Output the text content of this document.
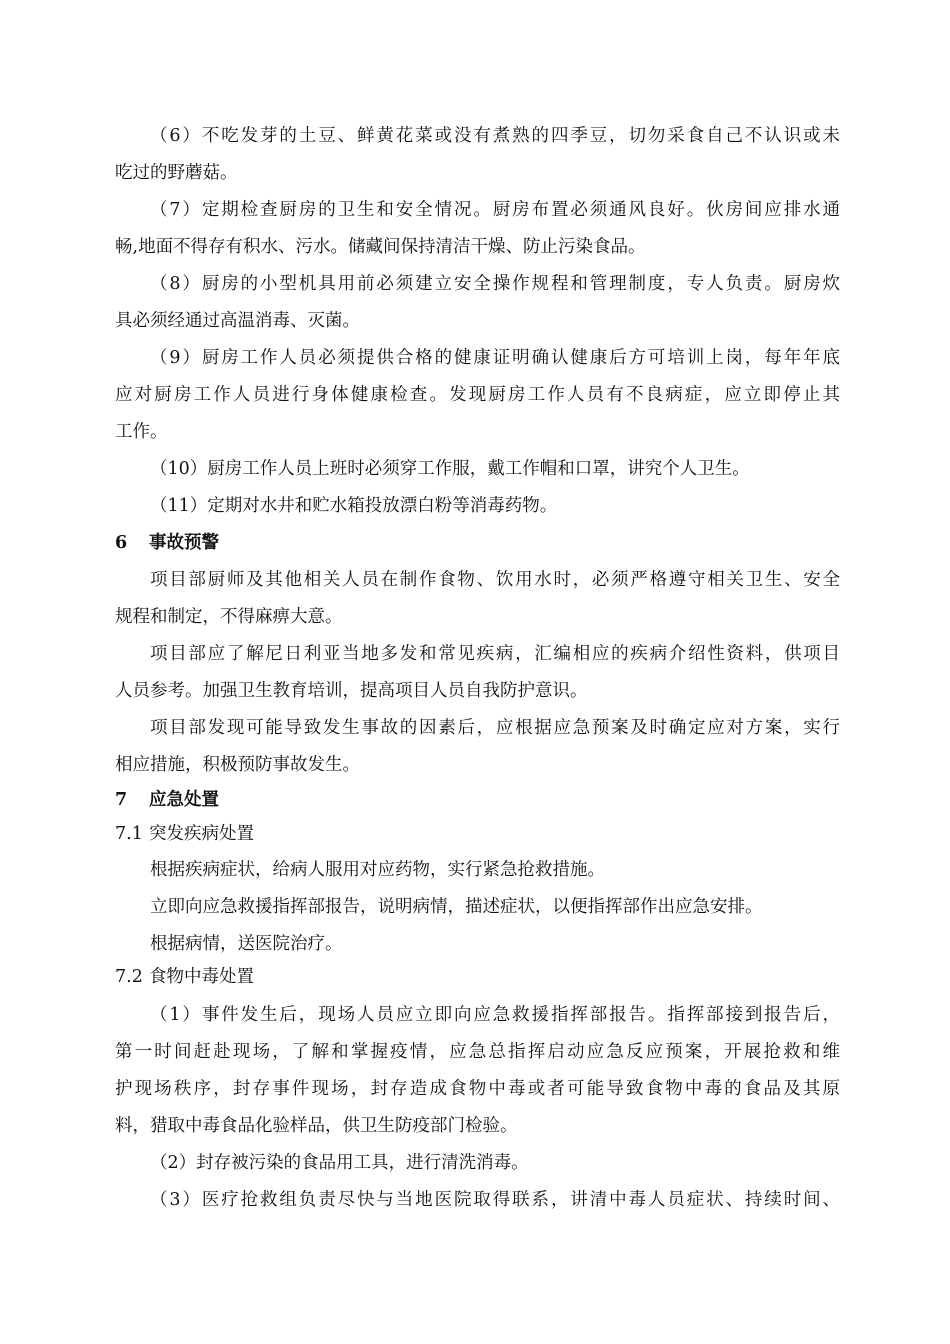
（6）不吃发芽的土豆、鲜黄花菜或没有煮熟的四季豆，切勿采食自己不认识或未
吃过的野蘑菇。
（7）定期检查厨房的卫生和安全情况。厨房布置必须通风良好。伙房间应排水通
畅,地面不得存有积水、污水。储藏间保持清洁干燥、防止污染食品。
（8）厨房的小型机具用前必须建立安全操作规程和管理制度，专人负责。厨房炊
具必须经通过高温消毒、灭菌。
（9）厨房工作人员必须提供合格的健康证明确认健康后方可培训上岗，每年年底
应对厨房工作人员进行身体健康检查。发现厨房工作人员有不良病症，应立即停止其
工作。
（10）厨房工作人员上班时必须穿工作服，戴工作帽和口罩，讲究个人卫生。
（11）定期对水井和贮水箱投放漂白粉等消毒药物。
6 事故预警
项目部厨师及其他相关人员在制作食物、饮用水时，必须严格遵守相关卫生、安全
规程和制定，不得麻痹大意。
项目部应了解尼日利亚当地多发和常见疾病，汇编相应的疾病介绍性资料，供项目
人员参考。加强卫生教育培训，提高项目人员自我防护意识。
项目部发现可能导致发生事故的因素后，应根据应急预案及时确定应对方案，实行
相应措施，积极预防事故发生。
7 应急处置
7.1 突发疾病处置
根据疾病症状，给病人服用对应药物，实行紧急抢救措施。
立即向应急救援指挥部报告，说明病情，描述症状，以便指挥部作出应急安排。
根据病情，送医院治疗。
7.2 食物中毒处置
（1）事件发生后，现场人员应立即向应急救援指挥部报告。指挥部接到报告后，
第一时间赶赴现场，了解和掌握疫情，应急总指挥启动应急反应预案，开展抢救和维
护现场秩序，封存事件现场，封存造成食物中毒或者可能导致食物中毒的食品及其原
料，猎取中毒食品化验样品，供卫生防疫部门检验。
（2）封存被污染的食品用工具，进行清洗消毒。
（3）医疗抢救组负责尽快与当地医院取得联系，讲清中毒人员症状、持续时间、
